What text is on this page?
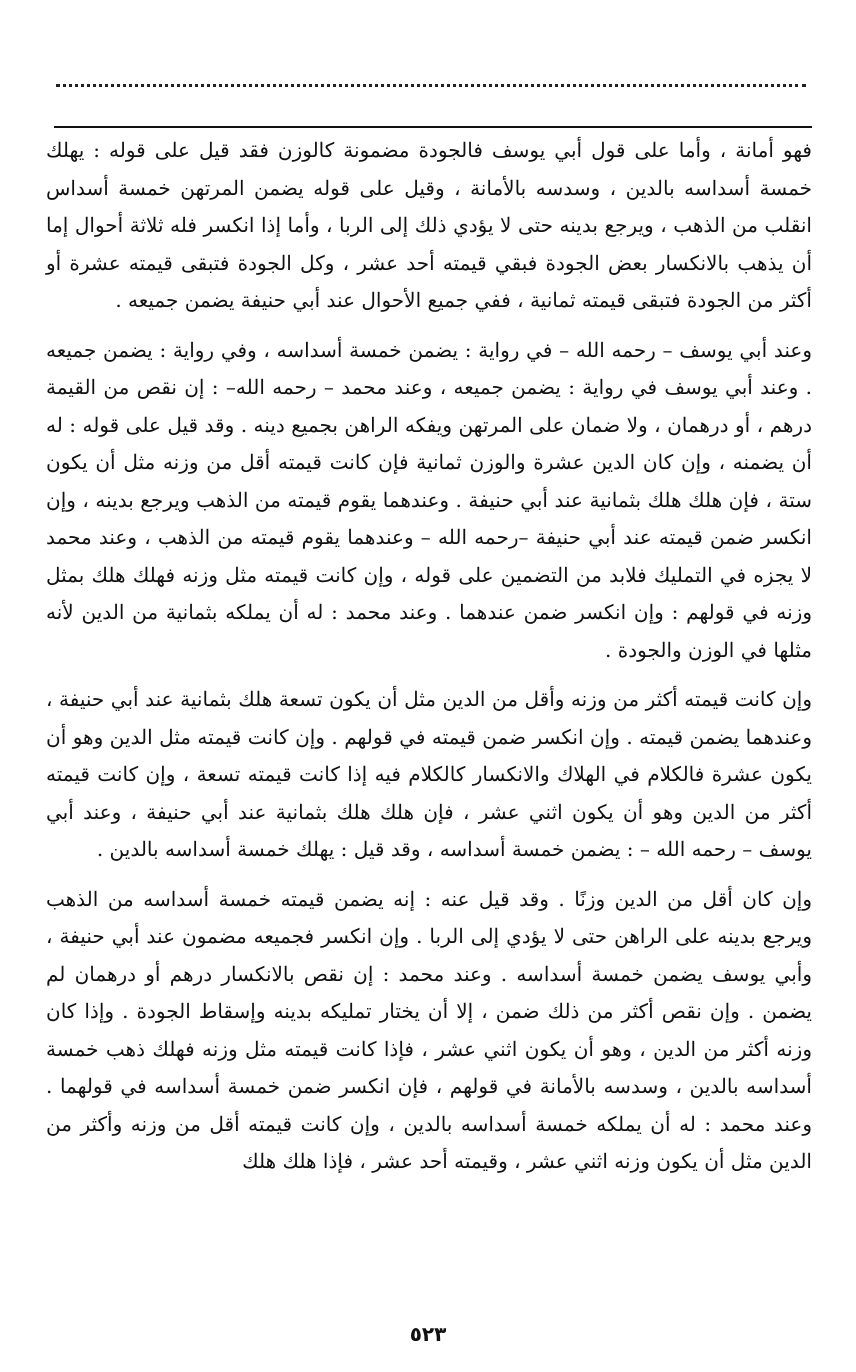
فهو أمانة ، وأما على قول أبي يوسف فالجودة مضمونة كالوزن فقد قيل على قوله : يهلك خمسة أسداسه بالدين ، وسدسه بالأمانة ، وقيل على قوله يضمن المرتهن خمسة أسداس انقلب من الذهب ، ويرجع بدينه حتى لا يؤدي ذلك إلى الربا ، وأما إذا انكسر فله ثلاثة أحوال إما أن يذهب بالانكسار بعض الجودة فبقي قيمته أحد عشر ، وكل الجودة فتبقى قيمته عشرة أو أكثر من الجودة فتبقى قيمته ثمانية ، ففي جميع الأحوال عند أبي حنيفة يضمن جميعه .

وعند أبي يوسف – رحمه الله – في رواية : يضمن خمسة أسداسه ، وفي رواية : يضمن جميعه . وعند أبي يوسف في رواية : يضمن جميعه ، وعند محمد – رحمه الله– : إن نقص من القيمة درهم ، أو درهمان ، ولا ضمان على المرتهن ويفكه الراهن بجميع دينه . وقد قيل على قوله : له أن يضمنه ، وإن كان الدين عشرة والوزن ثمانية فإن كانت قيمته أقل من وزنه مثل أن يكون ستة ، فإن هلك هلك بثمانية عند أبي حنيفة . وعندهما يقوم قيمته من الذهب ويرجع بدينه ، وإن انكسر ضمن قيمته عند أبي حنيفة –رحمه الله – وعندهما يقوم قيمته من الذهب ، وعند محمد لا يجزه في التمليك فلابد من التضمين على قوله ، وإن كانت قيمته مثل وزنه فهلك هلك بمثل وزنه في قولهم : وإن انكسر ضمن عندهما . وعند محمد : له أن يملكه بثمانية من الدين لأنه مثلها في الوزن والجودة .

وإن كانت قيمته أكثر من وزنه وأقل من الدين مثل أن يكون تسعة هلك بثمانية عند أبي حنيفة ، وعندهما يضمن قيمته . وإن انكسر ضمن قيمته في قولهم . وإن كانت قيمته مثل الدين وهو أن يكون عشرة فالكلام في الهلاك والانكسار كالكلام فيه إذا كانت قيمته تسعة ، وإن كانت قيمته أكثر من الدين وهو أن يكون اثني عشر ، فإن هلك هلك بثمانية عند أبي حنيفة ، وعند أبي يوسف – رحمه الله – : يضمن خمسة أسداسه ، وقد قيل : يهلك خمسة أسداسه بالدين .

وإن كان أقل من الدين وزنًا . وقد قيل عنه : إنه يضمن قيمته خمسة أسداسه من الذهب ويرجع بدينه على الراهن حتى لا يؤدي إلى الربا . وإن انكسر فجميعه مضمون عند أبي حنيفة ، وأبي يوسف يضمن خمسة أسداسه . وعند محمد : إن نقص بالانكسار درهم أو درهمان لم يضمن . وإن نقص أكثر من ذلك ضمن ، إلا أن يختار تمليكه بدينه وإسقاط الجودة . وإذا كان وزنه أكثر من الدين ، وهو أن يكون اثني عشر ، فإذا كانت قيمته مثل وزنه فهلك ذهب خمسة أسداسه بالدين ، وسدسه بالأمانة في قولهم ، فإن انكسر ضمن خمسة أسداسه في قولهما . وعند محمد : له أن يملكه خمسة أسداسه بالدين ، وإن كانت قيمته أقل من وزنه وأكثر من الدين مثل أن يكون وزنه اثني عشر ، وقيمته أحد عشر ، فإذا هلك هلك

٥٢٣
